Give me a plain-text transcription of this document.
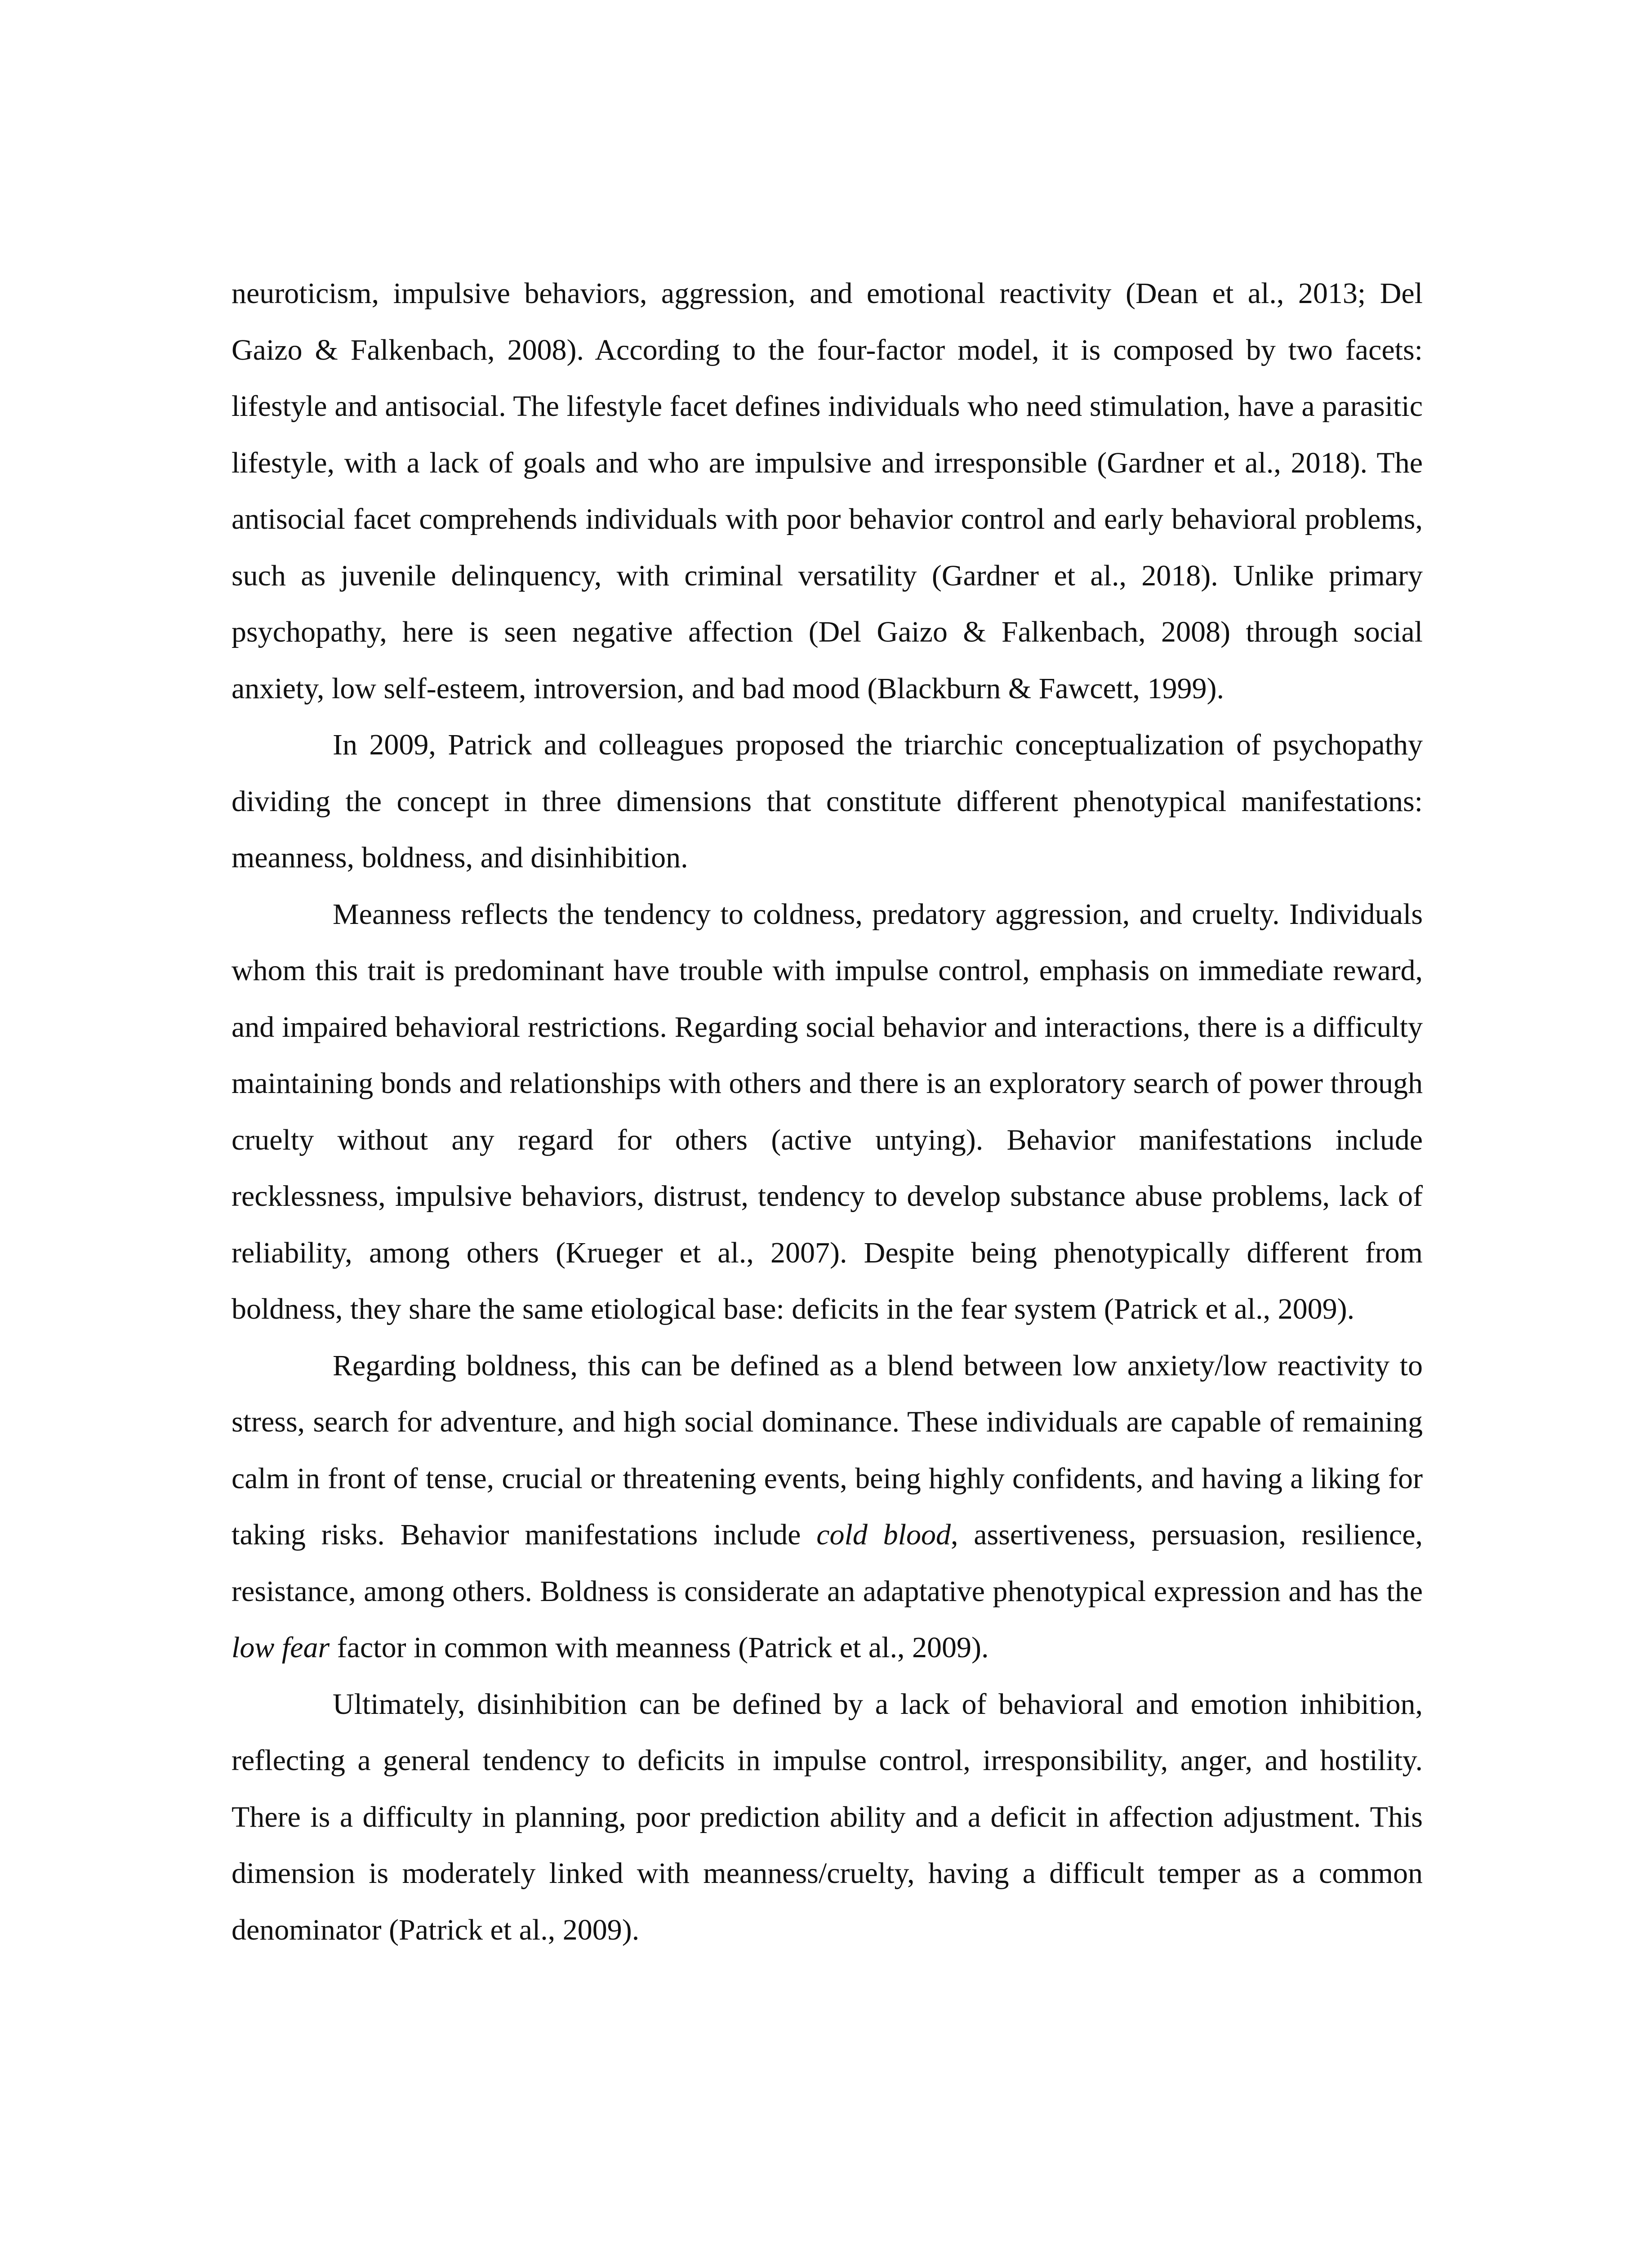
neuroticism, impulsive behaviors, aggression, and emotional reactivity (Dean et al., 2013; Del Gaizo & Falkenbach, 2008). According to the four-factor model, it is composed by two facets: lifestyle and antisocial. The lifestyle facet defines individuals who need stimulation, have a parasitic lifestyle, with a lack of goals and who are impulsive and irresponsible (Gardner et al., 2018). The antisocial facet comprehends individuals with poor behavior control and early behavioral problems, such as juvenile delinquency, with criminal versatility (Gardner et al., 2018). Unlike primary psychopathy, here is seen negative affection (Del Gaizo & Falkenbach, 2008) through social anxiety, low self-esteem, introversion, and bad mood (Blackburn & Fawcett, 1999).

In 2009, Patrick and colleagues proposed the triarchic conceptualization of psychopathy dividing the concept in three dimensions that constitute different phenotypical manifestations: meanness, boldness, and disinhibition.

Meanness reflects the tendency to coldness, predatory aggression, and cruelty. Individuals whom this trait is predominant have trouble with impulse control, emphasis on immediate reward, and impaired behavioral restrictions. Regarding social behavior and interactions, there is a difficulty maintaining bonds and relationships with others and there is an exploratory search of power through cruelty without any regard for others (active untying). Behavior manifestations include recklessness, impulsive behaviors, distrust, tendency to develop substance abuse problems, lack of reliability, among others (Krueger et al., 2007). Despite being phenotypically different from boldness, they share the same etiological base: deficits in the fear system (Patrick et al., 2009).

Regarding boldness, this can be defined as a blend between low anxiety/low reactivity to stress, search for adventure, and high social dominance. These individuals are capable of remaining calm in front of tense, crucial or threatening events, being highly confidents, and having a liking for taking risks. Behavior manifestations include cold blood, assertiveness, persuasion, resilience, resistance, among others. Boldness is considerate an adaptative phenotypical expression and has the low fear factor in common with meanness (Patrick et al., 2009).

Ultimately, disinhibition can be defined by a lack of behavioral and emotion inhibition, reflecting a general tendency to deficits in impulse control, irresponsibility, anger, and hostility. There is a difficulty in planning, poor prediction ability and a deficit in affection adjustment. This dimension is moderately linked with meanness/cruelty, having a difficult temper as a common denominator (Patrick et al., 2009).
